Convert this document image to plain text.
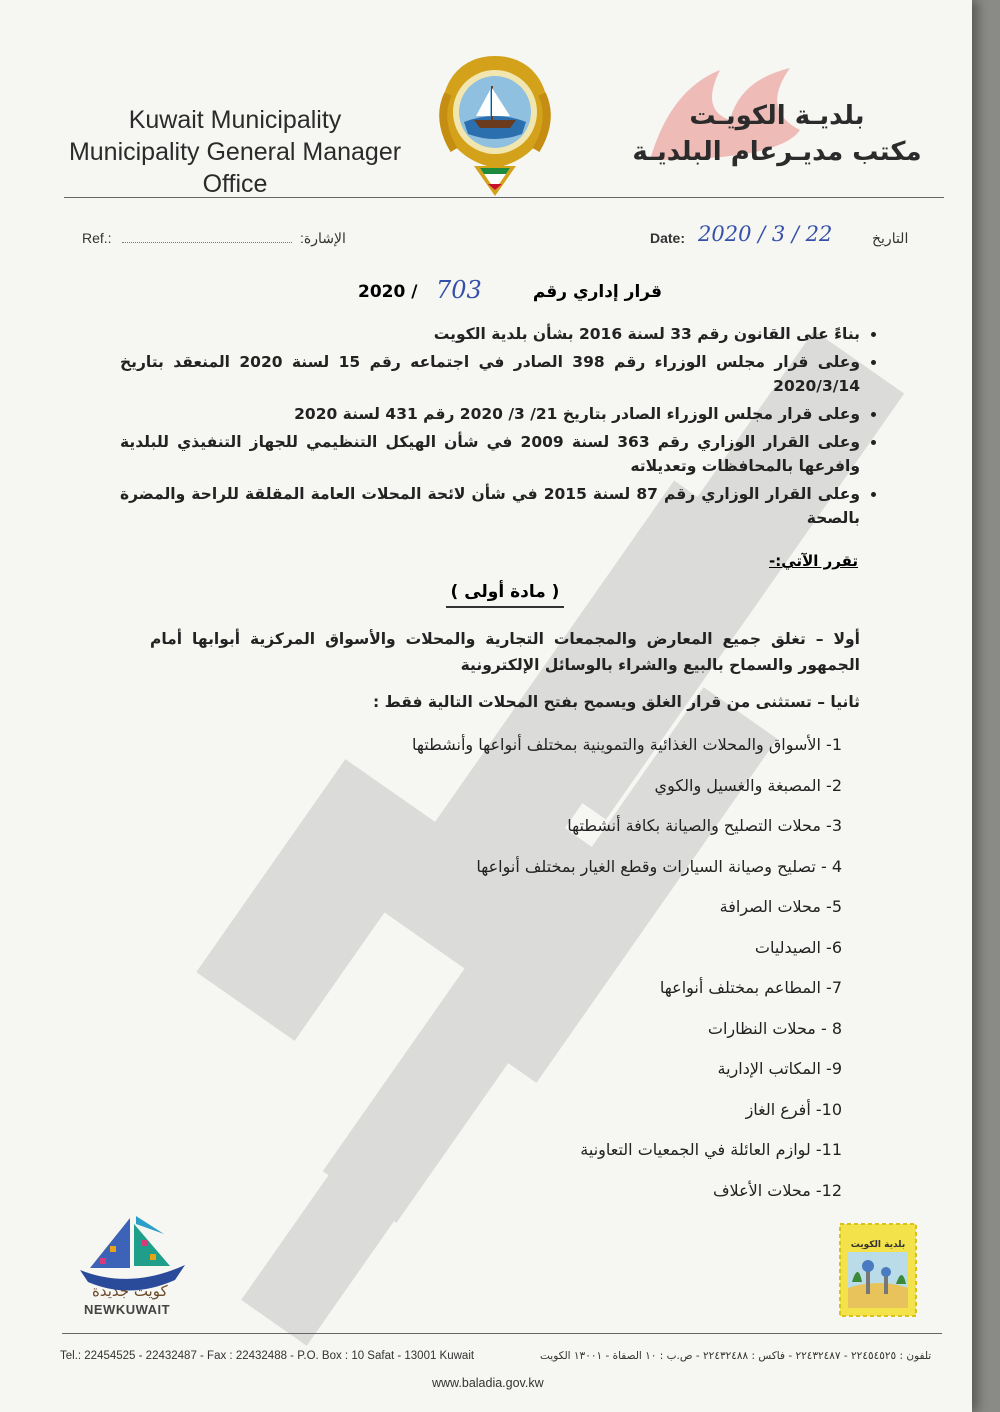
Kuwait Municipality
Municipality General Manager Office
بلديـة الكويـت
مكتب مديـرعام البلديـة
Ref.:	الإشارة:	Date: 2020 / 3 / 22	التاريخ
2020 / 703	قرار إداري رقم
• بناءً على القانون رقم 33 لسنة 2016 بشأن بلدية الكويت
• وعلى قرار مجلس الوزراء رقم 398 الصادر في اجتماعه رقم 15 لسنة 2020 المنعقد بتاريخ 2020/3/14
• وعلى قرار مجلس الوزراء الصادر بتاريخ 21/ 3/ 2020 رقم 431 لسنة 2020
• وعلى القرار الوزاري رقم 363 لسنة 2009 في شأن الهيكل التنظيمي للجهاز التنفيذي للبلدية وافرعها بالمحافظات وتعديلاته
• وعلى القرار الوزاري رقم 87 لسنة 2015 في شأن لائحة المحلات العامة المقلقة للراحة والمضرة بالصحة
تقرر الآتي:-
( مادة أولى )
أولا – تغلق جميع المعارض والمجمعات التجارية والمحلات والأسواق المركزية أبوابها أمام الجمهور والسماح بالبيع والشراء بالوسائل الإلكترونية
ثانيا – تستثنى من قرار الغلق ويسمح بفتح المحلات التالية فقط :
1- الأسواق والمحلات الغذائية والتموينية بمختلف أنواعها وأنشطتها
2- المصبغة والغسيل والكوي
3- محلات التصليح والصيانة بكافة أنشطتها
4 - تصليح وصيانة السيارات وقطع الغيار بمختلف أنواعها
5- محلات الصرافة
6- الصيدليات
7- المطاعم بمختلف أنواعها
8 - محلات النظارات
9- المكاتب الإدارية
10- أفرع الغاز
11- لوازم العائلة في الجمعيات التعاونية
12- محلات الأعلاف
كويت جديدة
NEWKUWAIT
بلدية الكويت
Tel.: 22454525 - 22432487 - Fax : 22432488 - P.O. Box : 10 Safat - 13001 Kuwait	تلفون : ٢٢٤٥٤٥٢٥ - ٢٢٤٣٢٤٨٧ - فاكس : ٢٢٤٣٢٤٨٨ - ص.ب : ١٠ الصفاة - ١٣٠٠١ الكويت
www.baladia.gov.kw
